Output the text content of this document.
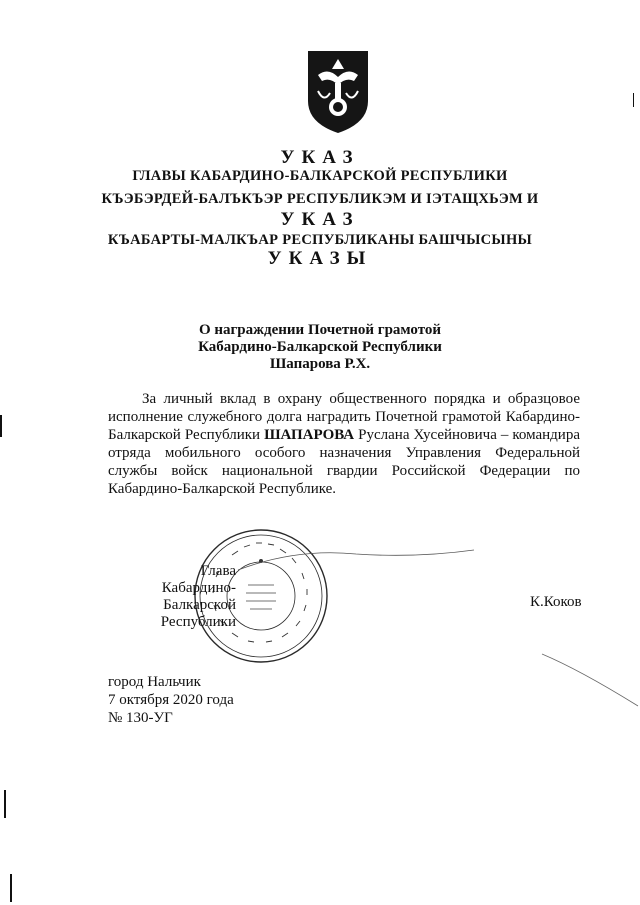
УКАЗ
ГЛАВЫ КАБАРДИНО-БАЛКАРСКОЙ РЕСПУБЛИКИ
КЪЭБЭРДЕЙ-БАЛЪКЪЭР РЕСПУБЛИКЭМ И ІЭТАЩХЬЭМ И
УКАЗ
КЪАБАРТЫ-МАЛКЪАР РЕСПУБЛИКАНЫ БАШЧЫСЫНЫ
УКАЗЫ
О награждении Почетной грамотой
Кабардино-Балкарской Республики
Шапарова Р.Х.

За личный вклад в охрану общественного порядка и образцовое исполнение служебного долга наградить Почетной грамотой Кабардино-Балкарской Республики ШАПАРОВА Руслана Хусейновича – командира отряда мобильного особого назначения Управления Федеральной службы войск национальной гвардии Российской Федерации по Кабардино-Балкарской Республике.

Глава
Кабардино-Балкарской
Республики
К.Коков
город Нальчик
7 октября 2020 года
№ 130-УГ
